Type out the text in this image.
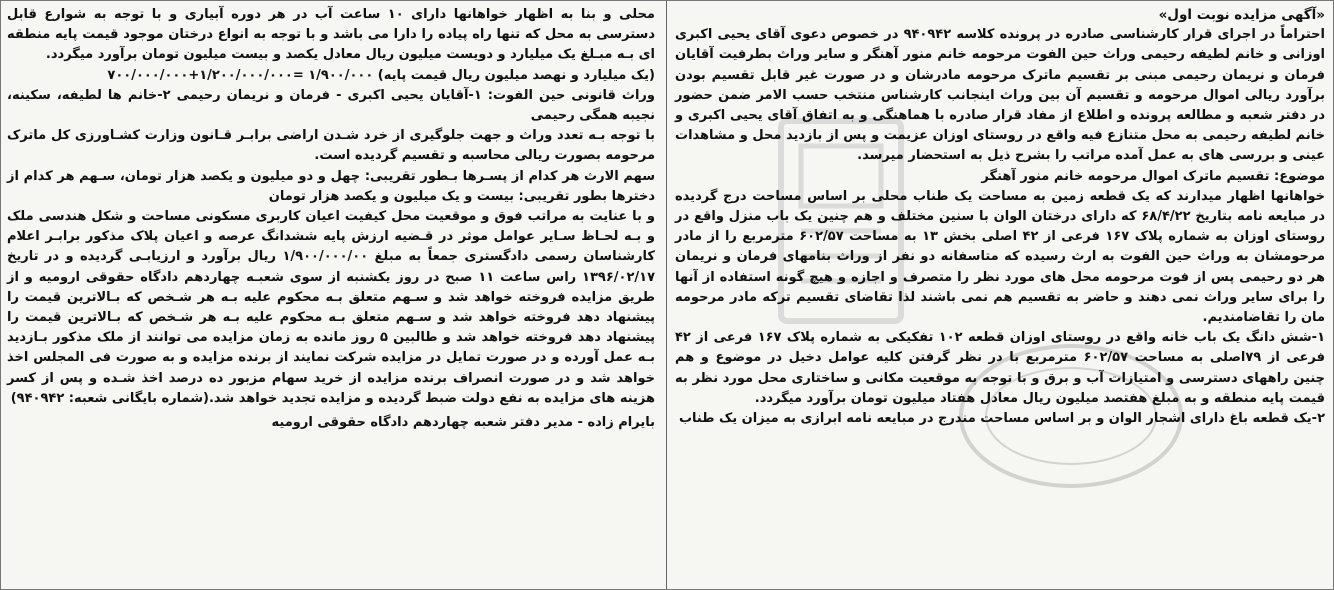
«آگهی مزایده نوبت اول»

احتراماً در اجرای قرار کارشناسی صادره در پرونده کلاسه ۹۴۰۹۴۲ در خصوص دعوی آقای یحیی اکبری اوزانی و خانم لطیفه رحیمی وراث حین الفوت مرحومه خانم منور آهنگر و سایر وراث بطرفیت آقایان فرمان و نریمان رحیمی مبنی بر تقسیم ماترک مرحومه مادرشان و در صورت غیر قابل تقسیم بودن برآورد ریالی اموال مرحومه و تقسیم آن بین وراث اینجانب کارشناس منتخب حسب الامر ضمن حضور در دفتر شعبه و مطالعه پرونده و اطلاع از مفاد قرار صادره با هماهنگی و به اتفاق آقای یحیی اکبری و خانم لطیفه رحیمی به محل متنازع فیه واقع در روستای اوزان عزیمت و پس از بازدید محل و مشاهدات عینی و بررسی های به عمل آمده مراتب را بشرح ذیل به استحضار میرسد.

موضوع: تقسیم ماترک اموال مرحومه خانم منور آهنگر

خواهانها اظهار میدارند که یک قطعه زمین به مساحت یک طناب محلی بر اساس مساحت درج گردیده در مبایعه نامه بتاریخ ۶۸/۴/۲۲ که دارای درختان الوان با سنین مختلف و هم چنین یک باب منزل واقع در روستای اوزان به شماره پلاک ۱۶۷ فرعی از ۴۲ اصلی بخش ۱۳ به مساحت ۶۰۲/۵۷ مترمربع را از مادر مرحومشان به وراث حین الفوت به ارث رسیده که متاسفانه دو نفر از وراث بنامهای فرمان و نریمان هر دو رحیمی پس از فوت مرحومه محل های مورد نظر را متصرف و اجازه و هیچ گونه استفاده از آنها را برای سایر وراث نمی دهند و حاضر به تقسیم هم نمی باشند لذا تقاضای تقسیم ترکه مادر مرحومه مان را تقاضامندیم.

۱-شش دانگ یک باب خانه واقع در روستای اوزان قطعه ۱۰۲ تفکیکی به شماره پلاک ۱۶۷ فرعی از ۴۲ فرعی از ۷۹اصلی به مساحت ۶۰۲/۵۷ مترمربع با در نظر گرفتن کلیه عوامل دخیل در موضوع و هم چنین راههای دسترسی و امتیازات آب و برق و با توجه به موقعیت مکانی و ساختاری محل مورد نظر به قیمت پایه منطقه و به مبلغ هفتصد میلیون ریال معادل هفتاد میلیون تومان برآورد میگردد.

۲-یک قطعه باغ دارای اشجار الوان و بر اساس مساحت مندرج در مبایعه نامه ابرازی به میزان یک طناب

محلی و بنا به اظهار خواهانها دارای ۱۰ ساعت آب در هر دوره آبیاری و با توجه به شوارع قابل دسترسی به محل که تنها راه پیاده را دارا می باشد و با توجه به انواع درختان موجود قیمت پایه منطقه ای بـه مبـلغ یک میلیارد و دویست میلیون ریال معادل یکصد و بیست میلیون تومان برآورد میگردد.

(یک میلیارد و نهصد میلیون ریال قیمت پایه) ۱/۹۰۰/۰۰۰ =۱/۲۰۰/۰۰۰/۰۰۰+۷۰۰/۰۰۰/۰۰۰

وراث قانونی حین الفوت: ۱-آقایان یحیی اکبری - فرمان و نریمان رحیمی ۲-خانم ها لطیفه، سکینه، نجیبه همگی رحیمی

با توجه بـه تعدد وراث و جهت جلوگیری از خرد شـدن اراضی برابـر قـانون وزارت کشـاورزی کل ماترک مرحومه بصورت ریالی محاسبه و تقسیم گردیده است.

سهم الارث هر کدام از پسـرها بـطور تقریبی: چهل و دو میلیون و یکصد هزار تومان، سـهم هر کدام از دخترها بطور تقریبی: بیست و یک میلیون و یکصد هزار تومان

و با عنایت به مراتب فوق و موقعیت محل کیفیت اعیان کاربری مسکونی مساحت و شکل هندسی ملک و بـه لحـاظ سـایر عوامل موثر در قـضیه ارزش پایه ششدانگ عرصه و اعیان پلاک مذکور برابـر اعلام کارشناسان رسمی دادگستری جمعاً به مبلغ ۱/۹۰۰/۰۰۰/۰۰ ریال برآورد و ارزیابـی گردیده و در تاریخ ۱۳۹۶/۰۲/۱۷ راس ساعت ۱۱ صبح در روز یکشنبه از سوی شعبـه چهاردهم دادگاه حقوقی ارومیه و از طریق مزایده فروخته خواهد شد و سـهم متعلق بـه محکوم علیه بـه هر شـخص که بـالاترین قیمت را پیشنهاد دهد فروخته خواهد شد و سـهم متعلق بـه محکوم علیه بـه هر شـخص که بـالاترین قیمت را پیشنهاد دهد فروخته خواهد شد و طالبین ۵ روز مانده به زمان مزایده می توانند از ملک مذکور بـازدید بـه عمل آورده و در صورت تمایل در مزایده شرکت نمایند از برنده مزایده و به صورت فی المجلس اخذ خواهد شد و در صورت انصراف برنده مزایده از خرید سهام مزبور ده درصد اخذ شـده و پس از کسر هزینه های مزایده به نفع دولت ضبط گردیده و مزایده تجدید خواهد شد.(شماره بایگانی شعبه: ۹۴۰۹۴۲)

بایرام زاده - مدیر دفتر شعبه چهاردهم دادگاه حقوقی ارومیه
